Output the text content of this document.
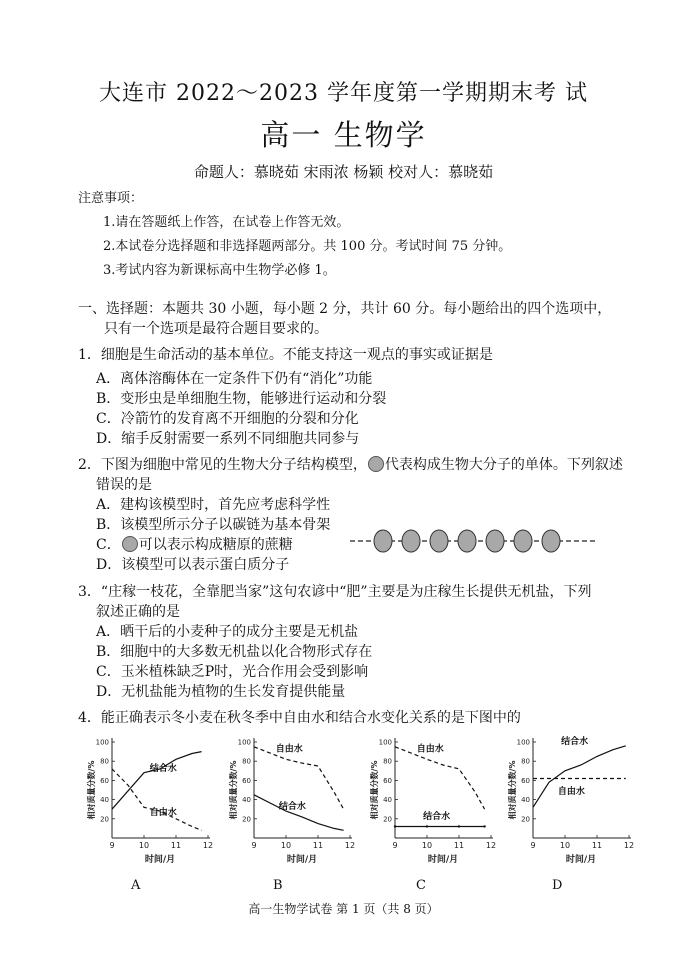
大连市 2022～2023 学年度第一学期期末考 试
高一 生物学
命题人：慕晓茹 宋雨浓 杨颖 校对人：慕晓茹
注意事项：
1.请在答题纸上作答，在试卷上作答无效。
2.本试卷分选择题和非选择题两部分。共 100 分。考试时间 75 分钟。
3.考试内容为新课标高中生物学必修 1。
一、选择题：本题共 30 小题，每小题 2 分，共计 60 分。每小题给出的四个选项中，
只有一个选项是最符合题目要求的。
1．细胞是生命活动的基本单位。不能支持这一观点的事实或证据是
A．离体溶酶体在一定条件下仍有“消化”功能
B．变形虫是单细胞生物，能够进行运动和分裂
C．冷箭竹的发育离不开细胞的分裂和分化
D．缩手反射需要一系列不同细胞共同参与
2．下图为细胞中常见的生物大分子结构模型， 代表构成生物大分子的单体。下列叙述
错误的是
A．建构该模型时，首先应考虑科学性
B．该模型所示分子以碳链为基本骨架
C． 可以表示构成糖原的蔗糖
D．该模型可以表示蛋白质分子
3．“庄稼一枝花，全靠肥当家”这句农谚中“肥”主要是为庄稼生长提供无机盐，下列
叙述正确的是
A．晒干后的小麦种子的成分主要是无机盐
B．细胞中的大多数无机盐以化合物形式存在
C．玉米植株缺乏P时，光合作用会受到影响
D．无机盐能为植物的生长发育提供能量
4．能正确表示冬小麦在秋冬季中自由水和结合水变化关系的是下图中的
20
40
60
80
100
9	10	11	12
相对质量分数/%
时间/月
结合水
自由水
20
40
60
80
100
9	10	11	12
相对质量分数/%
时间/月
自由水
结合水
20
40
60
80
100
9	10	11	12
相对质量分数/%
时间/月
自由水
结合水	20
40
60
80
100
9	10	11	12
相对质量分数/%
时间/月
结合水
自由水
A	B	C	D
高一生物学试卷 第 1 页（共 8 页）
